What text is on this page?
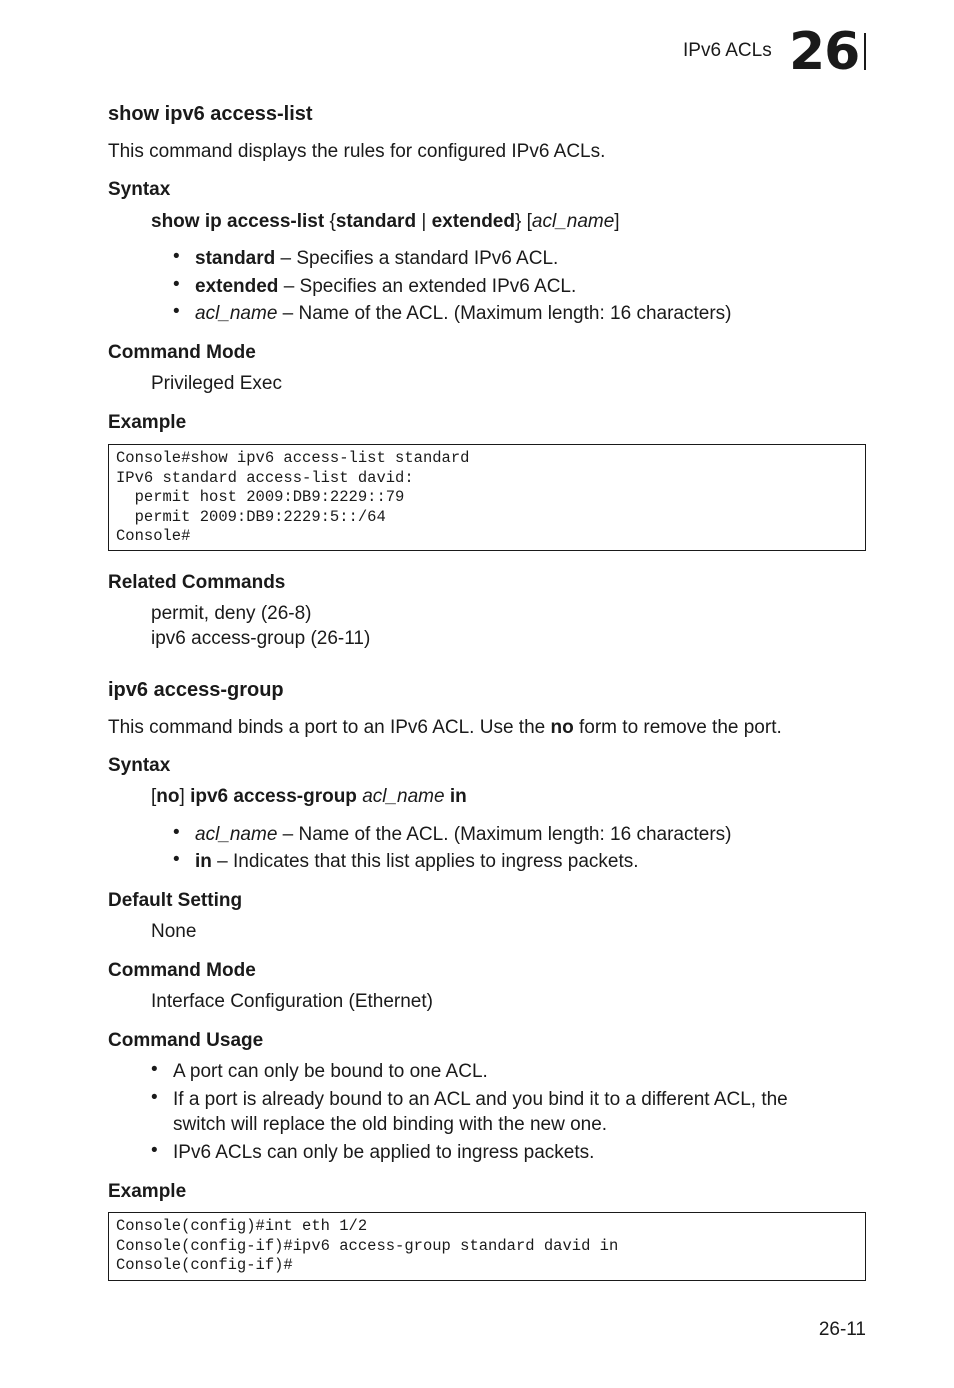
IPv6 ACLs 26
show ipv6 access-list
This command displays the rules for configured IPv6 ACLs.
Syntax
show ip access-list {standard | extended} [acl_name]
• standard – Specifies a standard IPv6 ACL.
• extended – Specifies an extended IPv6 ACL.
• acl_name – Name of the ACL. (Maximum length: 16 characters)
Command Mode
Privileged Exec
Example
Console#show ipv6 access-list standard
IPv6 standard access-list david:
permit host 2009:DB9:2229::79
permit 2009:DB9:2229:5::/64
Console#
Related Commands
permit, deny (26-8)
ipv6 access-group (26-11)
ipv6 access-group
This command binds a port to an IPv6 ACL. Use the no form to remove the port.
Syntax
[no] ipv6 access-group acl_name in
• acl_name – Name of the ACL. (Maximum length: 16 characters)
• in – Indicates that this list applies to ingress packets.
Default Setting
None
Command Mode
Interface Configuration (Ethernet)
Command Usage
• A port can only be bound to one ACL.
• If a port is already bound to an ACL and you bind it to a different ACL, the
switch will replace the old binding with the new one.
• IPv6 ACLs can only be applied to ingress packets.
Example
Console(config)#int eth 1/2
Console(config-if)#ipv6 access-group standard david in
Console(config-if)#
26-11
